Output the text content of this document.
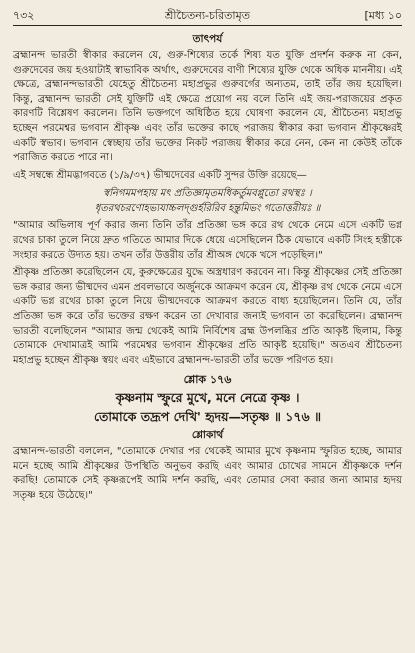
৭৩২	শ্রীচৈতন্য-চরিতামৃত	[মধ্য ১০
তাৎপর্য

ব্রহ্মানন্দ ভারতী স্বীকার করলেন যে, গুরু-শিষ্যের তর্কে শিষ্য যত যুক্তি প্রদর্শন করুক না কেন, গুরুদেবের জয় হওয়াটাই স্বাভাবিক অর্থাৎ, গুরুদেবের বাণী শিষ্যের যুক্তি থেকে অধিক মাননীয়। এই ক্ষেত্রে, ব্রহ্মানন্দভারতী যেহেতু শ্রীচৈতন্য মহাপ্রভুর গুরুবর্গের অন্যতম, তাই তাঁর জয় হয়েছিল। কিন্তু, ব্রহ্মানন্দ ভারতী সেই যুক্তিটি এই ক্ষেত্রে প্রয়োগ নয় বলে তিনি এই জয়-পরাজয়ের প্রকৃত কারণটি বিশ্লেষণ করলেন। তিনি ভক্তগণে অধিষ্ঠিত হয়ে ঘোষণা করলেন যে, শ্রীচৈতন্য মহাপ্রভু হচ্ছেন পরমেশ্বর ভগবান শ্রীকৃষ্ণ এবং তাঁর ভক্তের কাছে পরাজয় স্বীকার করা ভগবান শ্রীকৃষ্ণেরই একটি স্বভাব। ভগবান স্বেচ্ছায় তাঁর ভক্তের নিকট পরাজয় স্বীকার করে নেন, কেন না কেউই তাঁকে পরাজিত করতে পারে না।

এই সম্বন্ধে শ্রীমদ্ভাগবতে (১/৯/৩৭) ভীষ্মদেবের একটি সুন্দর উক্তি রয়েছে—

স্বনিগমমপহায় মৎ প্রতিজ্ঞামৃতমধিকর্তুমবপ্লুতো রথস্থঃ ।
ধৃতরথচরণোহভ্যযাচ্চলদ্গুর্হরিরিব হন্তুমিভং গতোত্তরীয়ঃ ॥

"আমার অভিলাষ পূর্ণ করার জন্য তিনি তাঁর প্রতিজ্ঞা ভঙ্গ করে রথ থেকে নেমে এসে একটি ভগ্ন রথের চাকা তুলে নিয়ে দ্রুত গতিতে আমার দিকে ধেয়ে এসেছিলেন ঠিক যেভাবে একটি সিংহ হস্তীকে সংহার করতে উদ্যত হয়। তখন তাঁর উত্তরীয় তাঁর শ্রীঅঙ্গ থেকে খসে পড়েছিল।"

শ্রীকৃষ্ণ প্রতিজ্ঞা করেছিলেন যে, কুরুক্ষেত্রের যুদ্ধে অস্ত্রধারণ করবেন না। কিন্তু শ্রীকৃষ্ণের সেই প্রতিজ্ঞা ভঙ্গ করার জন্য ভীষ্মদেব এমন প্রবলভাবে অর্জুনকে আক্রমণ করেন যে, শ্রীকৃষ্ণ রথ থেকে নেমে এসে একটি ভগ্ন রথের চাকা তুলে নিয়ে ভীষ্মদেবকে আক্রমণ করতে বাধ্য হয়েছিলেন। তিনি যে, তাঁর প্রতিজ্ঞা ভঙ্গ করে তাঁর ভক্তের রক্ষণ করেন তা দেখাবার জন্যই ভগবান তা করেছিলেন। ব্রহ্মানন্দ ভারতী বলেছিলেন "আমার জন্ম থেকেই আমি নির্বিশেষ ব্রহ্ম উপলব্ধির প্রতি আকৃষ্ট ছিলাম, কিন্তু তোমাকে দেখামাত্রই আমি পরমেশ্বর ভগবান শ্রীকৃষ্ণের প্রতি আকৃষ্ট হয়েছি।" অতএব শ্রীচৈতন্য মহাপ্রভু হচ্ছেন শ্রীকৃষ্ণ স্বয়ং এবং এইভাবে ব্রহ্মানন্দ-ভারতী তাঁর ভক্তে পরিণত হয়।

শ্লোক ১৭৬
কৃষ্ণনাম স্ফুরে মুখে, মনে নেত্রে কৃষ্ণ ।
তোমাকে তদ্রূপ দেখি' হৃদয়—সতৃষ্ণ ॥ ১৭৬ ॥
শ্লোকার্থ

ব্রহ্মানন্দ-ভারতী বললেন, "তোমাকে দেখার পর থেকেই আমার মুখে কৃষ্ণনাম স্ফুরিত হচ্ছে, আমার মনে হচ্ছে আমি শ্রীকৃষ্ণের উপস্থিতি অনুভব করছি এবং আমার চোখের সামনে শ্রীকৃষ্ণকে দর্শন করছি! তোমাকে সেই কৃষ্ণরূপেই আমি দর্শন করছি, এবং তোমার সেবা করার জন্য আমার হৃদয় সতৃষ্ণ হয়ে উঠেছে।"
